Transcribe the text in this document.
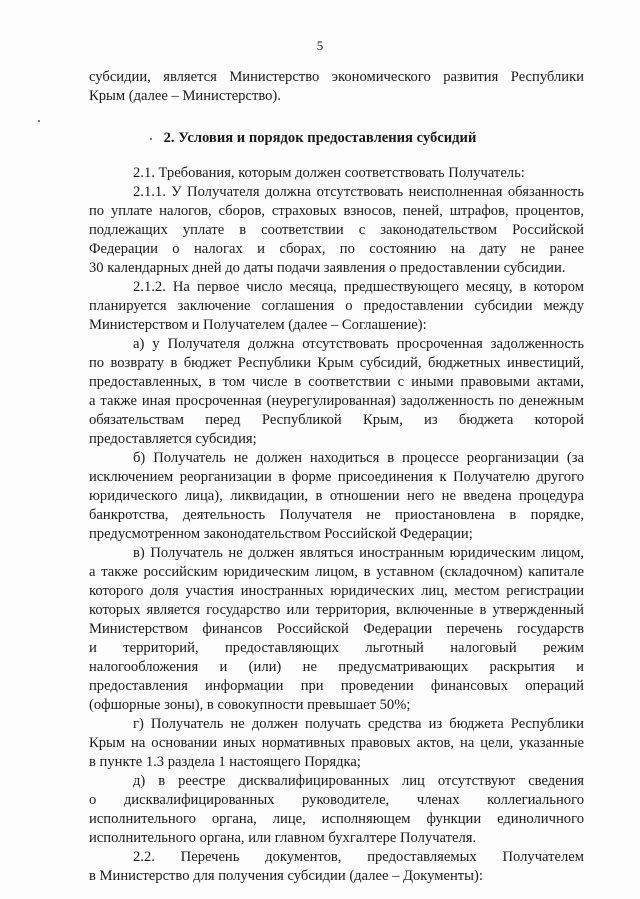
5
субсидии, является Министерство экономического развития Республики
Крым (далее – Министерство).
2. Условия и порядок предоставления субсидий
2.1. Требования, которым должен соответствовать Получатель:
2.1.1. У Получателя должна отсутствовать неисполненная обязанность
по уплате налогов, сборов, страховых взносов, пеней, штрафов, процентов,
подлежащих уплате в соответствии с законодательством Российской
Федерации о налогах и сборах, по состоянию на дату не ранее
30 календарных дней до даты подачи заявления о предоставлении субсидии.
2.1.2. На первое число месяца, предшествующего месяцу, в котором
планируется заключение соглашения о предоставлении субсидии между
Министерством и Получателем (далее – Соглашение):
а) у Получателя должна отсутствовать просроченная задолженность
по возврату в бюджет Республики Крым субсидий, бюджетных инвестиций,
предоставленных, в том числе в соответствии с иными правовыми актами,
а также иная просроченная (неурегулированная) задолженность по денежным
обязательствам перед Республикой Крым, из бюджета которой
предоставляется субсидия;
б) Получатель не должен находиться в процессе реорганизации (за
исключением реорганизации в форме присоединения к Получателю другого
юридического лица), ликвидации, в отношении него не введена процедура
банкротства, деятельность Получателя не приостановлена в порядке,
предусмотренном законодательством Российской Федерации;
в) Получатель не должен являться иностранным юридическим лицом,
а также российским юридическим лицом, в уставном (складочном) капитале
которого доля участия иностранных юридических лиц, местом регистрации
которых является государство или территория, включенные в утвержденный
Министерством финансов Российской Федерации перечень государств
и территорий, предоставляющих льготный налоговый режим
налогообложения и (или) не предусматривающих раскрытия и
предоставления информации при проведении финансовых операций
(офшорные зоны), в совокупности превышает 50%;
г) Получатель не должен получать средства из бюджета Республики
Крым на основании иных нормативных правовых актов, на цели, указанные
в пункте 1.3 раздела 1 настоящего Порядка;
д) в реестре дисквалифицированных лиц отсутствуют сведения
о дисквалифицированных руководителе, членах коллегиального
исполнительного органа, лице, исполняющем функции единоличного
исполнительного органа, или главном бухгалтере Получателя.
2.2. Перечень документов, предоставляемых Получателем
в Министерство для получения субсидии (далее – Документы):
